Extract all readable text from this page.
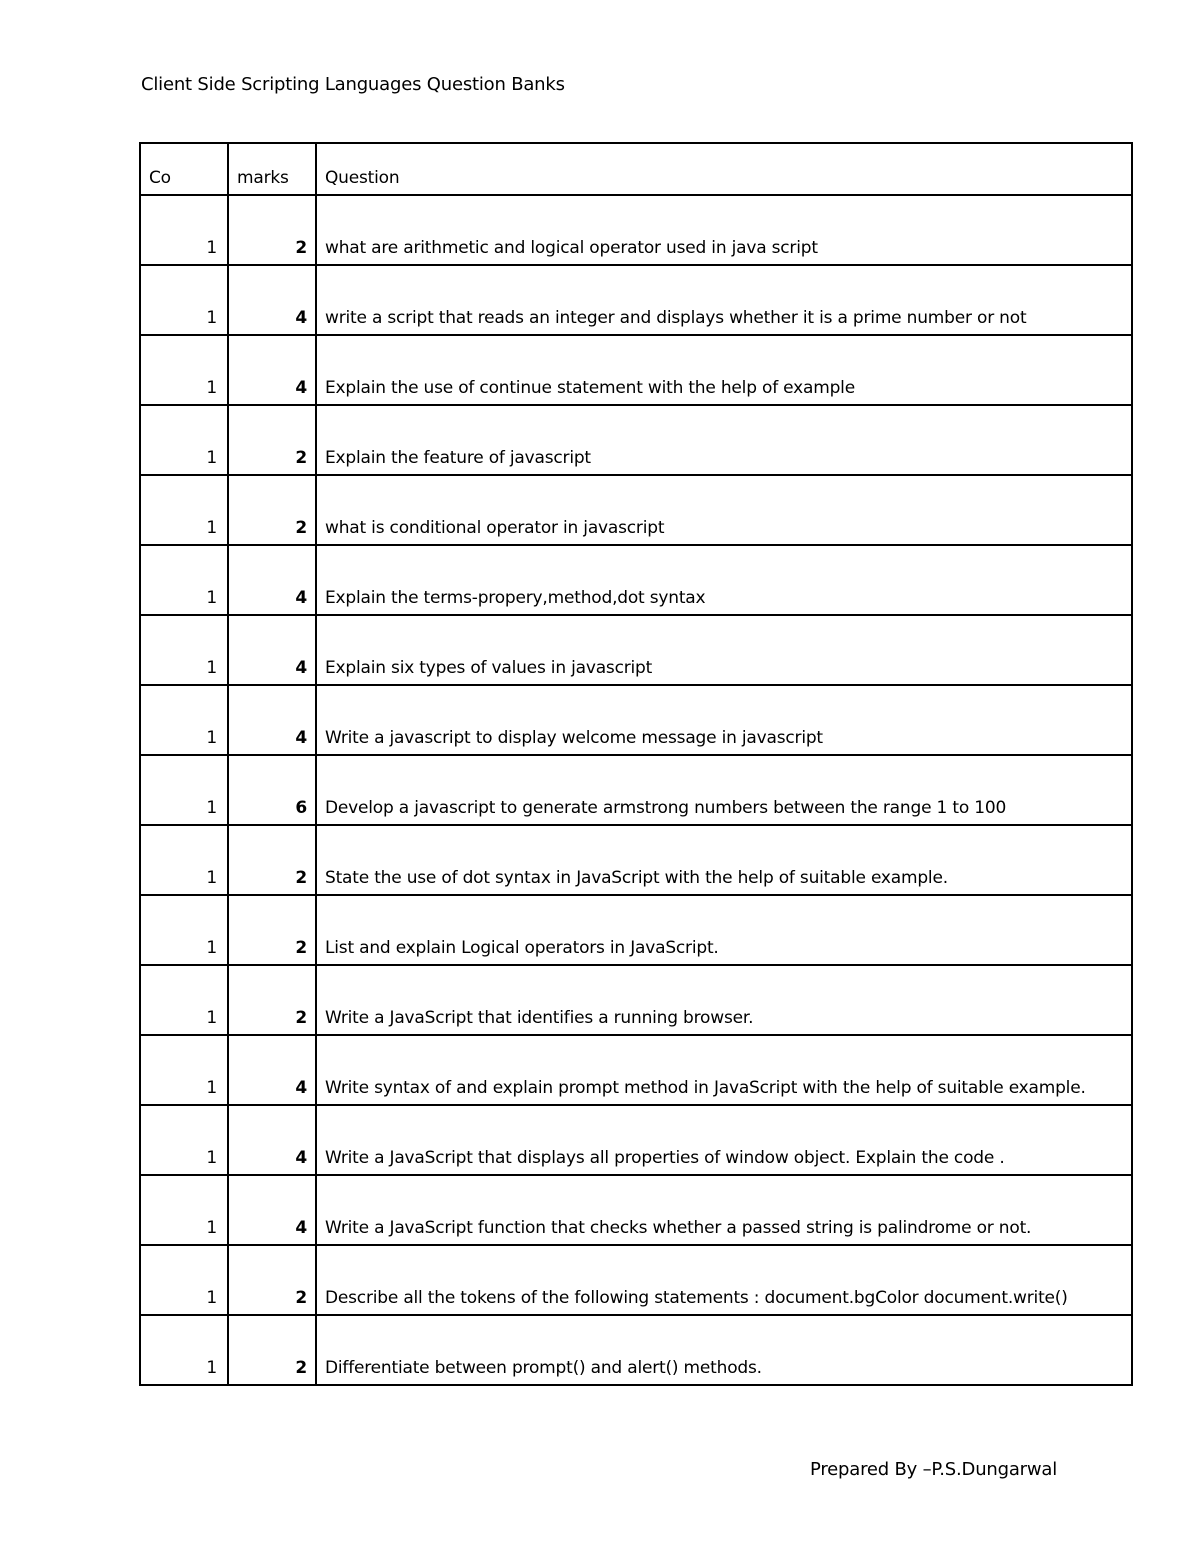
Client Side Scripting Languages Question Banks
Co	marks	Question
1	2	what are arithmetic and logical operator used in java script
1	4	write a script that reads an integer and displays whether it is a prime number or not
1	4	Explain the use of continue statement with the help of example
1	2	Explain the feature of javascript
1	2	what is conditional operator in javascript
1	4	Explain the terms-propery,method,dot syntax
1	4	Explain six types of values in javascript
1	4	Write a javascript to display welcome message in javascript
1	6	Develop a javascript to generate armstrong numbers between the range 1 to 100
1	2	State the use of dot syntax in JavaScript with the help of suitable example.
1	2	List and explain Logical operators in JavaScript.
1	2	Write a JavaScript that identifies a running browser.
1	4	Write syntax of and explain prompt method in JavaScript with the help of suitable example.
1	4	Write a JavaScript that displays all properties of window object. Explain the code .
1	4	Write a JavaScript function that checks whether a passed string is palindrome or not.
1	2	Describe all the tokens of the following statements : document.bgColor document.write()
1	2	Differentiate between prompt() and alert() methods.
Prepared By –P.S.Dungarwal
